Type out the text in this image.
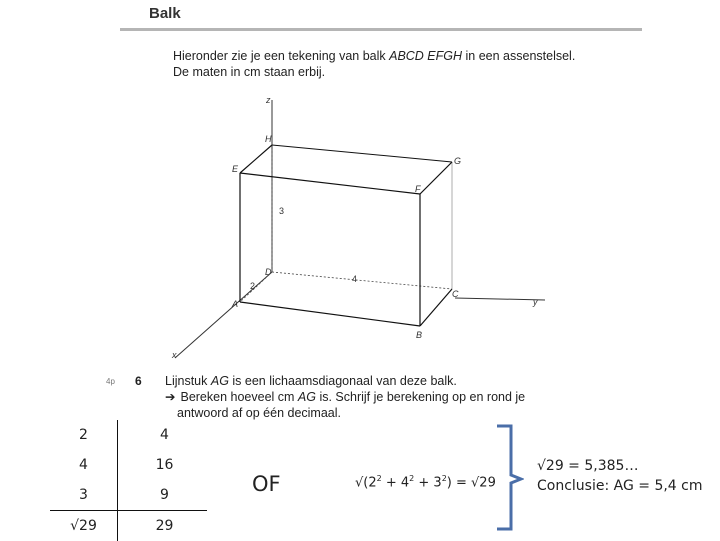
Balk
Hieronder zie je een tekening van balk ABCD EFGH in een assenstelsel.
De maten in cm staan erbij.
H
E
G
F
D
A
C
B
z
x
y
3
4
2
4p 6 Lijnstuk AG is een lichaamsdiagonaal van deze balk.
➔ Bereken hoeveel cm AG is. Schrijf je berekening op en rond je
antwoord af op één decimaal.
2	4
4	16
3	9
√29	29
OF	$√(2^2 + 4^2 + 3^2) = √29$
√29 = 5,385…
Conclusie: AG = 5,4 cm
